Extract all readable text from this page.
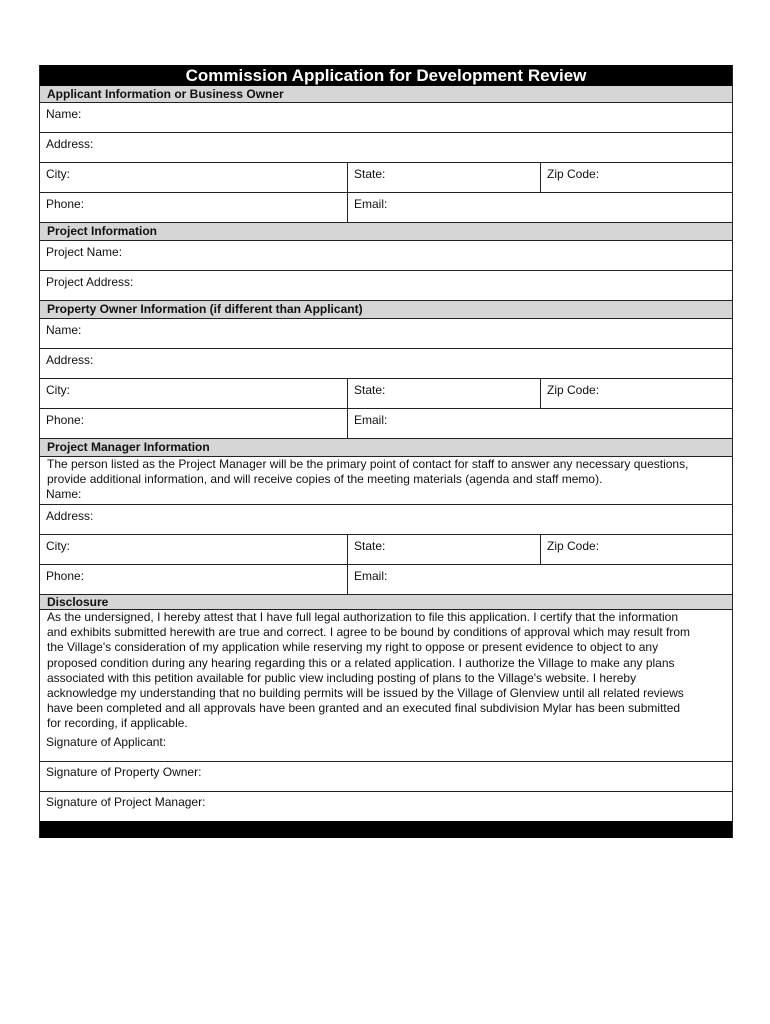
Commission Application for Development Review
Applicant Information or Business Owner
Name:
Address:
City:	State:	Zip Code:
Phone:	Email:
Project Information
Project Name:
Project Address:
Property Owner Information (if different than Applicant)
Name:
Address:
City:	State:	Zip Code:
Phone:	Email:
Project Manager Information
The person listed as the Project Manager will be the primary point of contact for staff to answer any necessary questions,
provide additional information, and will receive copies of the meeting materials (agenda and staff memo).
Name:
Address:
City:	State:	Zip Code:
Phone:	Email:
Disclosure
As the undersigned, I hereby attest that I have full legal authorization to file this application. I certify that the information
and exhibits submitted herewith are true and correct. I agree to be bound by conditions of approval which may result from
the Village's consideration of my application while reserving my right to oppose or present evidence to object to any
proposed condition during any hearing regarding this or a related application. I authorize the Village to make any plans
associated with this petition available for public view including posting of plans to the Village's website. I hereby
acknowledge my understanding that no building permits will be issued by the Village of Glenview until all related reviews
have been completed and all approvals have been granted and an executed final subdivision Mylar has been submitted
for recording, if applicable.
Signature of Applicant:
Signature of Property Owner:
Signature of Project Manager:
